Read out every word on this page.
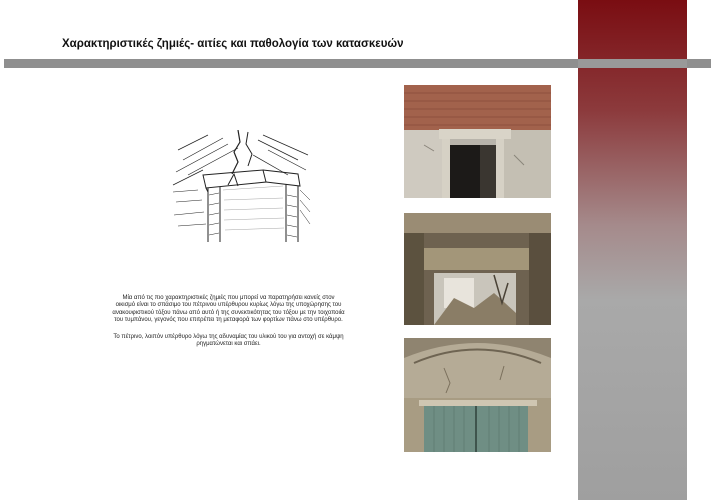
Χαρακτηριστικές ζημιές- αιτίες και παθολογία των κατασκευών

Μία από τις πιο χαρακτηριστικές ζημιές που μπορεί να παρατηρήσει κανείς στον οικισμό είναι το σπάσιμο του πέτρινου υπέρθυρου κυρίως λόγω της υποχώρησης του ανακουφιστικού τόξου πάνω από αυτό ή της συνεκτικότητας του τόξου με την τοιχοποιία του τυμπάνου, γεγονός που επιτρέπει τη μεταφορά των φορτίων πάνω στο υπέρθυρο.

Το πέτρινο, λοιπόν υπέρθυρο λόγω της αδυναμίας του υλικού του για αντοχή σε κάμψη ρηγματώνεται και σπάει.
